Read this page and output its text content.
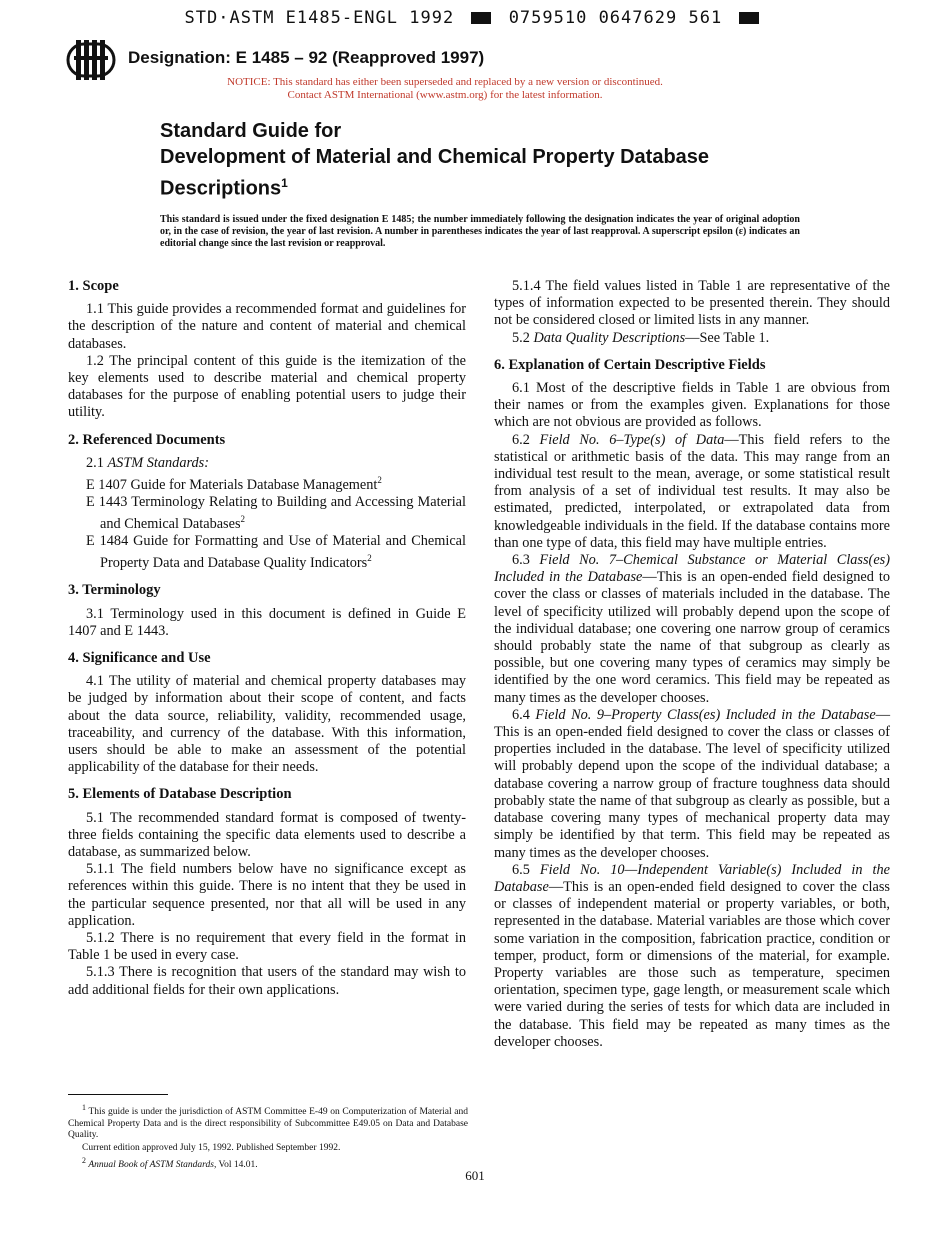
STD·ASTM E1485-ENGL 1992	0759510 0647629 561
Designation: E 1485 – 92 (Reapproved 1997)
NOTICE: This standard has either been superseded and replaced by a new version or discontinued.
Contact ASTM International (www.astm.org) for the latest information.
Standard Guide for
Development of Material and Chemical Property Database
Descriptions$^1$
This standard is issued under the fixed designation E 1485; the number immediately following the designation indicates the year of original adoption or, in the case of revision, the year of last revision. A number in parentheses indicates the year of last reapproval. A superscript epsilon (ε) indicates an editorial change since the last revision or reapproval.
1. Scope

1.1 This guide provides a recommended format and guidelines for the description of the nature and content of material and chemical databases.

1.2 The principal content of this guide is the itemization of the key elements used to describe material and chemical property databases for the purpose of enabling potential users to judge their utility.

2. Referenced Documents

2.1 ASTM Standards:

E 1407 Guide for Materials Database Management$^2$

E 1443 Terminology Relating to Building and Accessing Material and Chemical Databases$^2$

E 1484 Guide for Formatting and Use of Material and Chemical Property Data and Database Quality Indicators$^2$

3. Terminology

3.1 Terminology used in this document is defined in Guide E 1407 and E 1443.

4. Significance and Use

4.1 The utility of material and chemical property databases may be judged by information about their scope of content, and facts about the data source, reliability, validity, recommended usage, traceability, and currency of the database. With this information, users should be able to make an assessment of the potential applicability of the database for their needs.

5. Elements of Database Description

5.1 The recommended standard format is composed of twenty-three fields containing the specific data elements used to describe a database, as summarized below.

5.1.1 The field numbers below have no significance except as references within this guide. There is no intent that they be used in the particular sequence presented, nor that all will be used in any application.

5.1.2 There is no requirement that every field in the format in Table 1 be used in every case.

5.1.3 There is recognition that users of the standard may wish to add additional fields for their own applications.

5.1.4 The field values listed in Table 1 are representative of the types of information expected to be presented therein. They should not be considered closed or limited lists in any manner.

5.2 Data Quality Descriptions—See Table 1.

6. Explanation of Certain Descriptive Fields

6.1 Most of the descriptive fields in Table 1 are obvious from their names or from the examples given. Explanations for those which are not obvious are provided as follows.

6.2 Field No. 6–Type(s) of Data—This field refers to the statistical or arithmetic basis of the data. This may range from an individual test result to the mean, average, or some statistical result from analysis of a set of individual test results. It may also be estimated, predicted, interpolated, or extrapolated data from knowledgeable individuals in the field. If the database contains more than one type of data, this field may have multiple entries.

6.3 Field No. 7–Chemical Substance or Material Class(es) Included in the Database—This is an open-ended field designed to cover the class or classes of materials included in the database. The level of specificity utilized will probably depend upon the scope of the individual database; one covering one narrow group of ceramics should probably state the name of that subgroup as clearly as possible, but one covering many types of ceramics may simply be identified by the one word ceramics. This field may be repeated as many times as the developer chooses.

6.4 Field No. 9–Property Class(es) Included in the Database—This is an open-ended field designed to cover the class or classes of properties included in the database. The level of specificity utilized will probably depend upon the scope of the individual database; a database covering a narrow group of fracture toughness data should probably state the name of that subgroup as clearly as possible, but a database covering many types of mechanical property data may simply be identified by that term. This field may be repeated as many times as the developer chooses.

6.5 Field No. 10—Independent Variable(s) Included in the Database—This is an open-ended field designed to cover the class or classes of independent material or property variables, or both, represented in the database. Material variables are those which cover some variation in the composition, fabrication practice, condition or temper, product, form or dimensions of the material, for example. Property variables are those such as temperature, specimen orientation, specimen type, gage length, or measurement scale which were varied during the series of tests for which data are included in the database. This field may be repeated as many times as the developer chooses.

$^1$ This guide is under the jurisdiction of ASTM Committee E-49 on Computerization of Material and Chemical Property Data and is the direct responsibility of Subcommittee E49.05 on Data and Database Quality.

Current edition approved July 15, 1992. Published September 1992.

$^2$ Annual Book of ASTM Standards, Vol 14.01.

601
